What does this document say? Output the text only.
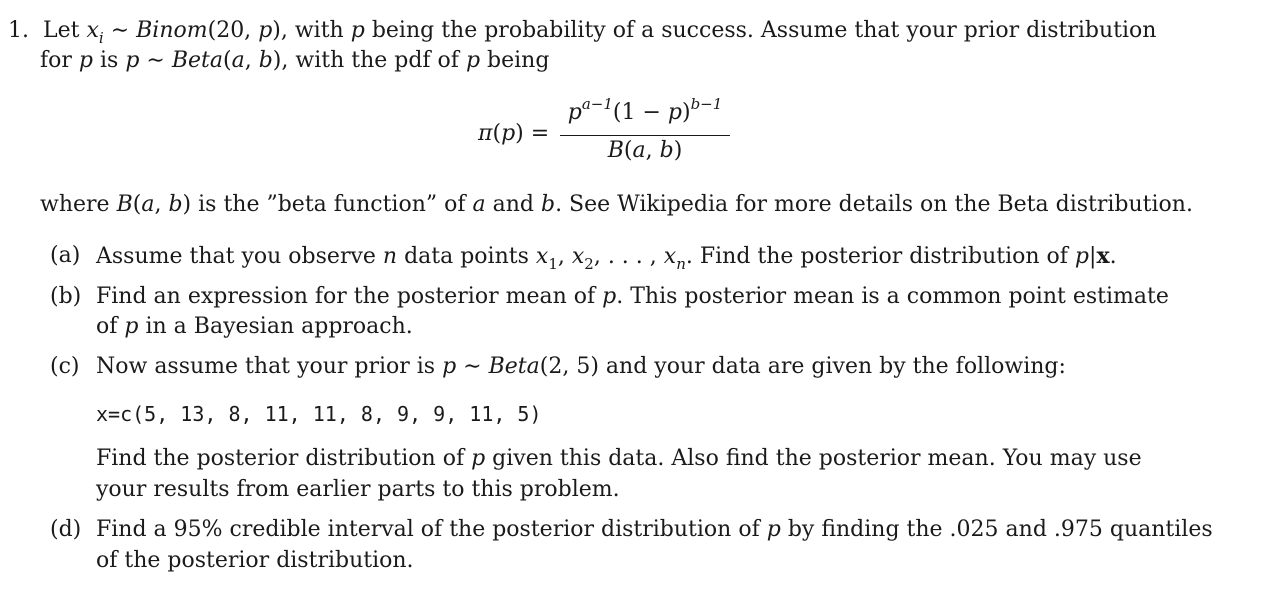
1. Let $x_i$ ∼ Binom(20, p), with p being the probability of a success. Assume that your prior distribution
for p is p ∼ Beta(a, b), with the pdf of p being
π(p) =
$p^{a-1}(1 - p)^{b-1}$
B(a, b)
where B(a, b) is the ”beta function” of a and b. See Wikipedia for more details on the Beta distribution.
(a) Assume that you observe n data points $x_1$, $x_2$, . . . , $x_n$. Find the posterior distribution of p|x.
(b) Find an expression for the posterior mean of p. This posterior mean is a common point estimate
of p in a Bayesian approach.
(c) Now assume that your prior is p ∼ Beta(2, 5) and your data are given by the following:
x=c(5, 13, 8, 11, 11, 8, 9, 9, 11, 5)
Find the posterior distribution of p given this data. Also find the posterior mean. You may use
your results from earlier parts to this problem.
(d) Find a 95% credible interval of the posterior distribution of p by finding the .025 and .975 quantiles
of the posterior distribution.
